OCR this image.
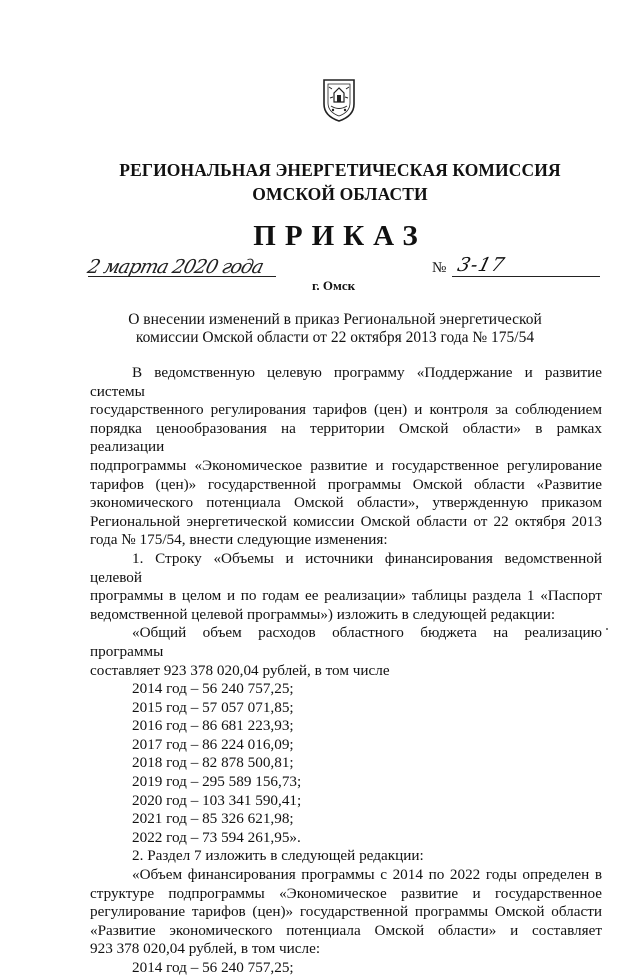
РЕГИОНАЛЬНАЯ ЭНЕРГЕТИЧЕСКАЯ КОМИССИЯ
ОМСКОЙ ОБЛАСТИ
ПРИКАЗ
2 марта 2020 года
г. Омск
№ 3-17
О внесении изменений в приказ Региональной энергетической
комиссии Омской области от 22 октября 2013 года № 175/54

В ведомственную целевую программу «Поддержание и развитие системы

государственного регулирования тарифов (цен) и контроля за соблюдением

порядка ценообразования на территории Омской области» в рамках реализации

подпрограммы «Экономическое развитие и государственное регулирование

тарифов (цен)» государственной программы Омской области «Развитие

экономического потенциала Омской области», утвержденную приказом

Региональной энергетической комиссии Омской области от 22 октября 2013

года № 175/54, внести следующие изменения:

1. Строку «Объемы и источники финансирования ведомственной целевой

программы в целом и по годам ее реализации» таблицы раздела 1 «Паспорт

ведомственной целевой программы») изложить в следующей редакции:

«Общий объем расходов областного бюджета на реализацию программы

составляет 923 378 020,04 рублей, в том числе

2014 год – 56 240 757,25;

2015 год – 57 057 071,85;

2016 год – 86 681 223,93;

2017 год – 86 224 016,09;

2018 год – 82 878 500,81;

2019 год – 295 589 156,73;

2020 год – 103 341 590,41;

2021 год – 85 326 621,98;

2022 год – 73 594 261,95».

2. Раздел 7 изложить в следующей редакции:

«Объем финансирования программы с 2014 по 2022 годы определен в

структуре подпрограммы «Экономическое развитие и государственное

регулирование тарифов (цен)» государственной программы Омской области

«Развитие экономического потенциала Омской области» и составляет

923 378 020,04 рублей, в том числе:

2014 год – 56 240 757,25;
